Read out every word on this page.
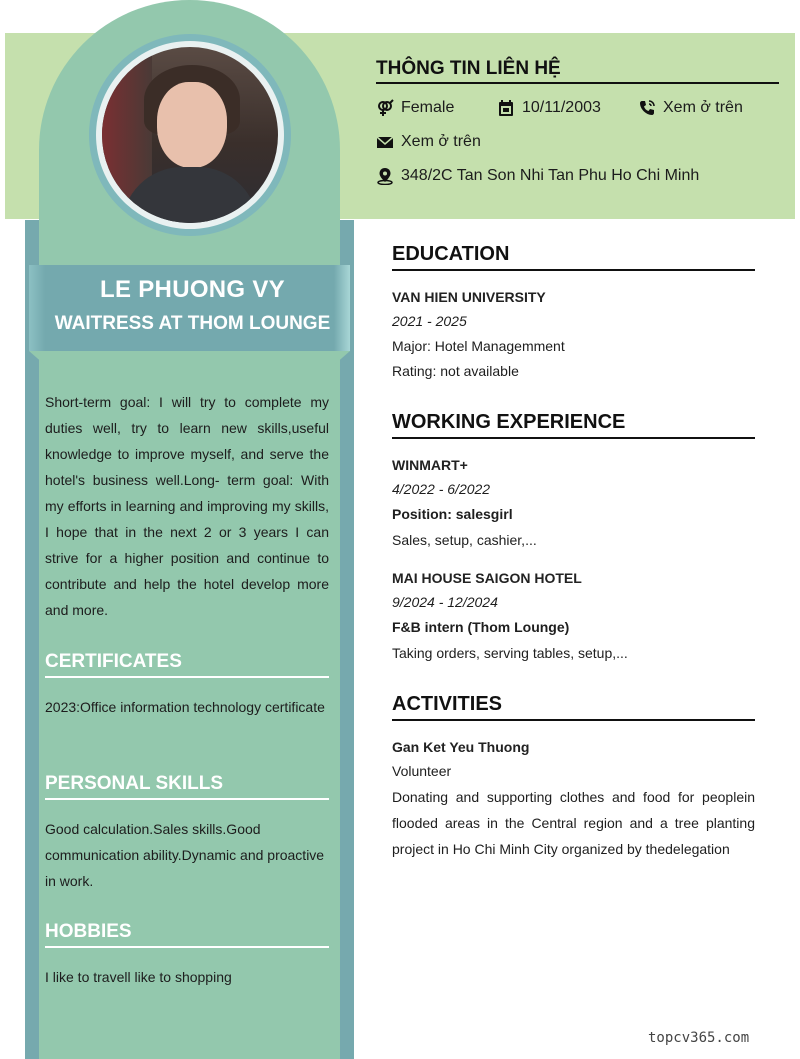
LE PHUONG VY
WAITRESS AT THOM LOUNGE
Short-term goal: I will try to complete my duties well, try to learn new skills,useful knowledge to improve myself, and serve the hotel's business well.Long- term goal: With my efforts in learning and improving my skills, I hope that in the next 2 or 3 years I can strive for a higher position and continue to contribute and help the hotel develop more and more.
CERTIFICATES
2023:Office information technology certificate
PERSONAL SKILLS
Good calculation.Sales skills.Good communication ability.Dynamic and proactive in work.
HOBBIES
I like to travell like to shopping
THÔNG TIN LIÊN HỆ
Female	10/11/2003	Xem ở trên
Xem ở trên
348/2C Tan Son Nhi Tan Phu Ho Chi Minh
EDUCATION
VAN HIEN UNIVERSITY
2021 - 2025
Major: Hotel Managemment
Rating: not available
WORKING EXPERIENCE
WINMART+
4/2022 - 6/2022
Position: salesgirl
Sales, setup, cashier,...
MAI HOUSE SAIGON HOTEL
9/2024 - 12/2024
F&B intern (Thom Lounge)
Taking orders, serving tables, setup,...
ACTIVITIES
Gan Ket Yeu Thuong
Volunteer
Donating and supporting clothes and food for peoplein flooded areas in the Central region and a tree planting project in Ho Chi Minh City organized by thedelegation
topcv365.com
